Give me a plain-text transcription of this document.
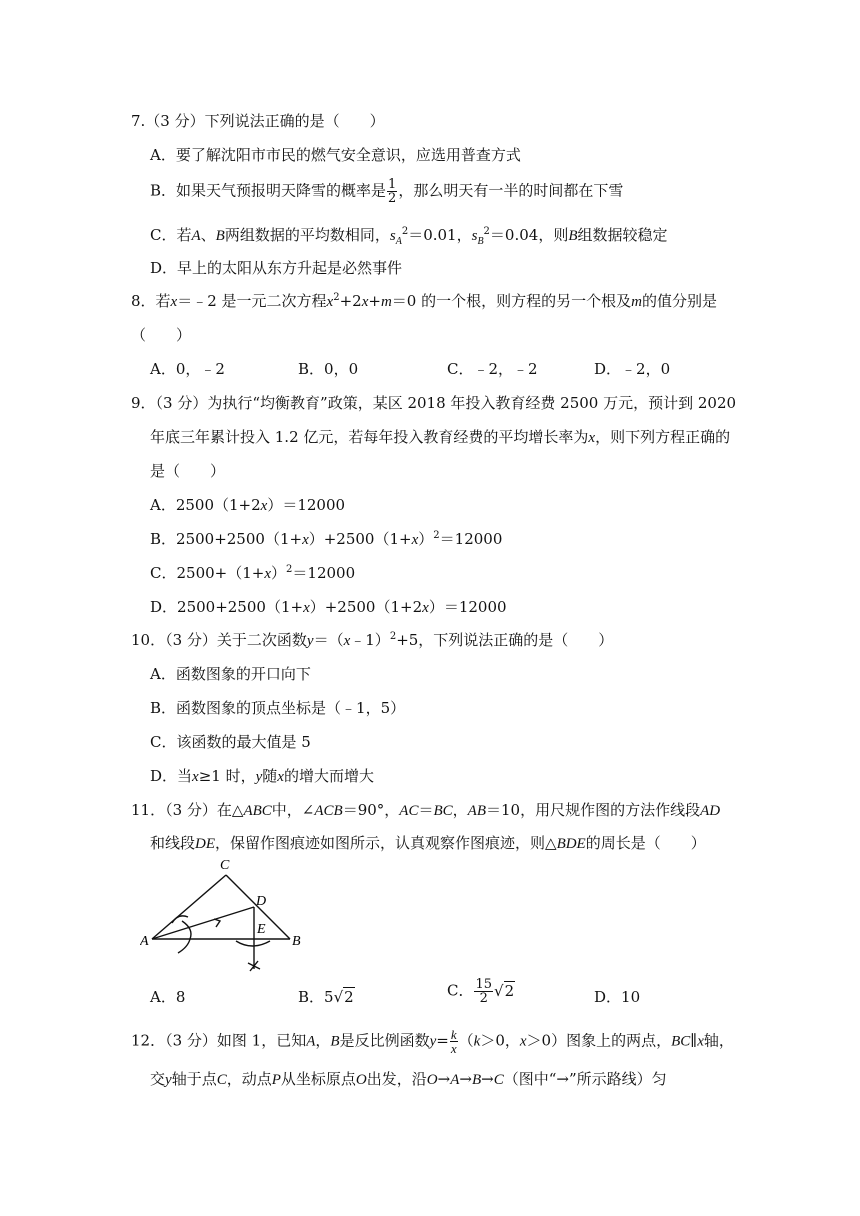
7.（3 分）下列说法正确的是（　　）
A．要了解沈阳市市民的燃气安全意识，应选用普查方式
B．如果天气预报明天降雪的概率是 $\frac{1}{2}$ ，那么明天有一半的时间都在下雪
C．若A、B两组数据的平均数相同，$s_A^2=0.01$，$s_B^2=0.04$，则B组数据较稳定
D．早上的太阳从东方升起是必然事件
8．若x＝﹣2 是一元二次方程$x^2+2x+m=0$ 的一个根，则方程的另一个根及m的值分别是
（　　）
A．0，﹣2	B．0，0	C．﹣2，﹣2	D．﹣2，0
9．（3 分）为执行“均衡教育”政策，某区 2018 年投入教育经费 2500 万元，预计到 2020
年底三年累计投入 1.2 亿元，若每年投入教育经费的平均增长率为x，则下列方程正确的
是（　　）
A．2500（1+2x）＝12000
B．$2500+2500(1+x)+2500(1+x)^2=12000$
C．$2500+(1+x)^2=12000$
D．2500+2500（1+x）+2500（1+2x）＝12000
10．（3 分）关于二次函数y＝（x﹣1）$^2$+5，下列说法正确的是（　　）
A．函数图象的开口向下
B．函数图象的顶点坐标是（﹣1，5）
C．该函数的最大值是 5
D．当x≥1 时，y随x的增大而增大
11．（3 分）在△ABC中，∠ACB＝90°，AC＝BC，AB＝10，用尺规作图的方法作线段AD
和线段DE，保留作图痕迹如图所示，认真观察作图痕迹，则△BDE的周长是（　　）
C
D
A
E
B
A．8	B．5√2	C． $\frac{15}{2} √2$	D．10
12．（3 分）如图 1，已知A，B是反比例函数$y= \frac{k}{x} (k>0$，x＞0）图象上的两点，BC∥x轴，
交y轴于点C，动点P从坐标原点O出发，沿O→A→B→C（图中“→”所示路线）匀
